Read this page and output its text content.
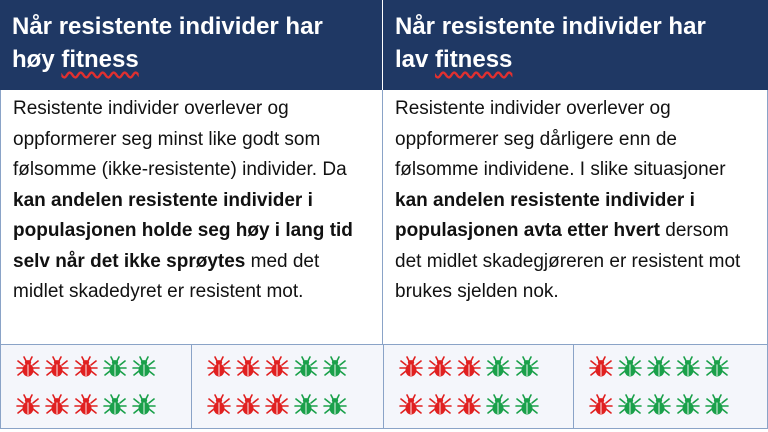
Når resistente individer har
høy fitness
Når resistente individer har
lav fitness
Resistente individer overlever og oppformerer seg minst like godt som følsomme (ikke-resistente) individer. Da kan andelen resistente individer i populasjonen holde seg høy i lang tid selv når det ikke sprøytes med det midlet skadedyret er resistent mot.
Resistente individer overlever og oppformerer seg dårligere enn de følsomme individene. I slike situasjoner kan andelen resistente individer i populasjonen avta etter hvert dersom det midlet skadegjøreren er resistent mot brukes sjelden nok.
